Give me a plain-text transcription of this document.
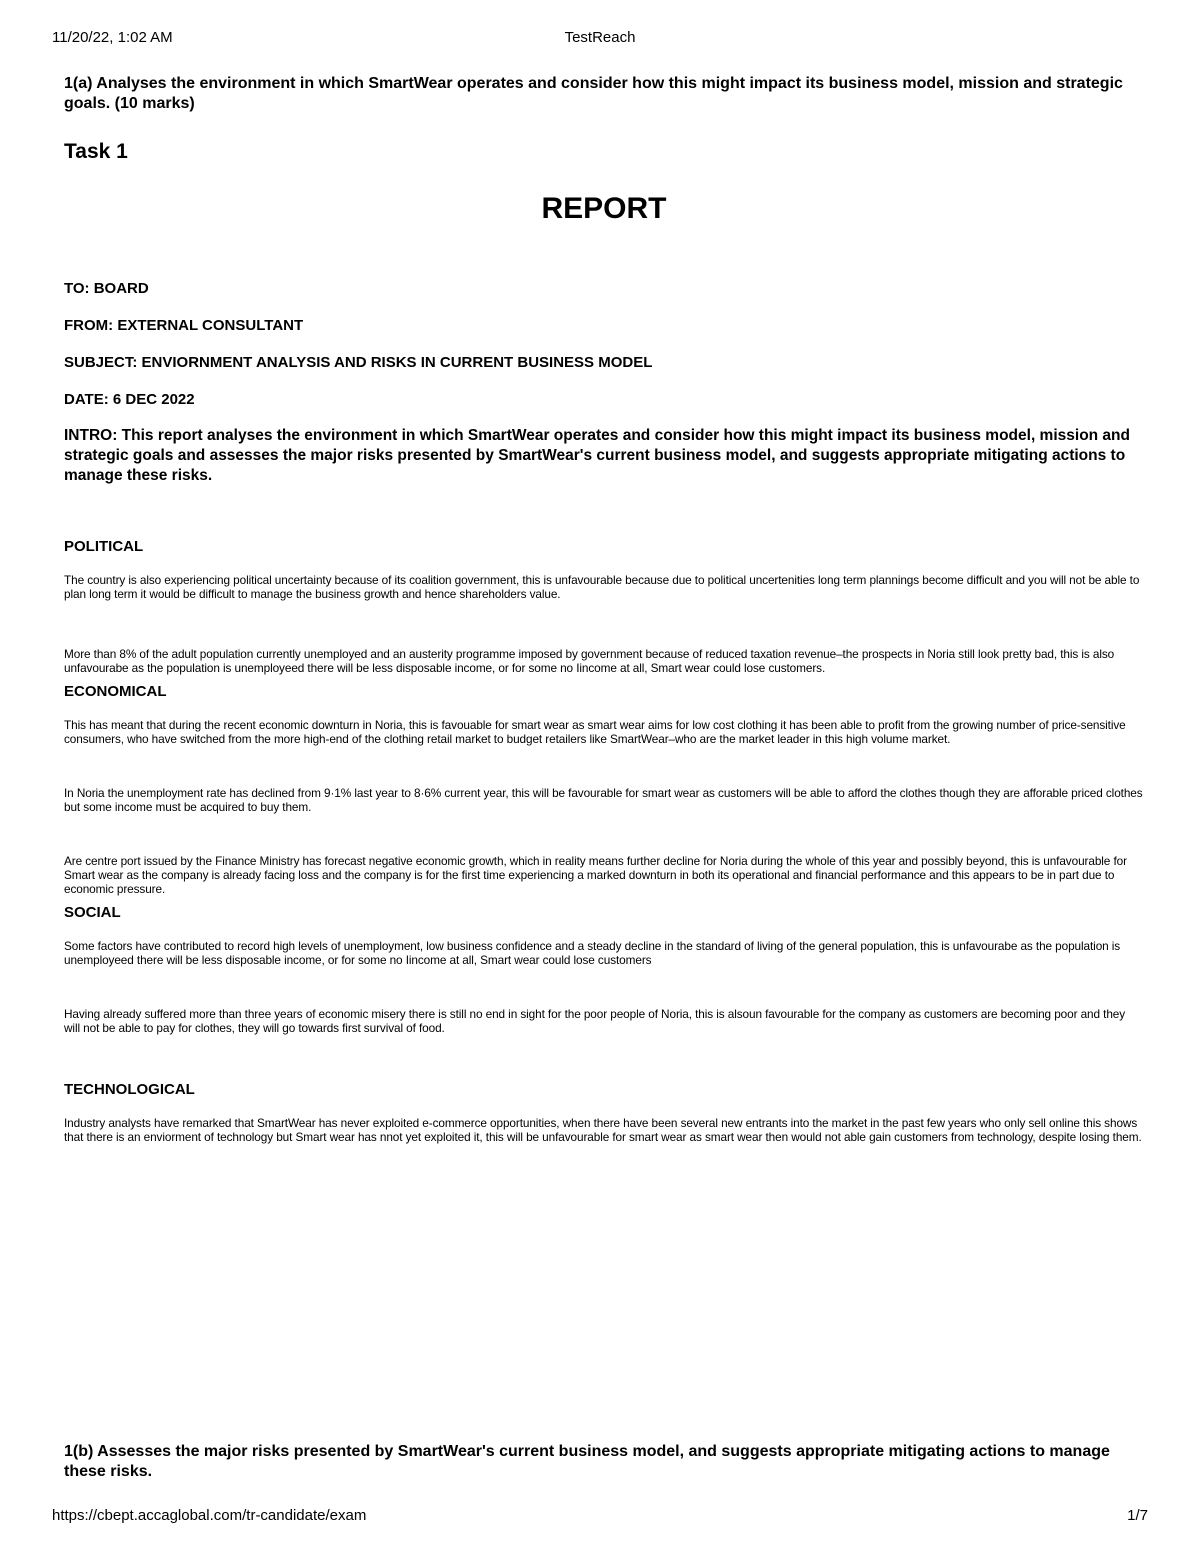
11/20/22, 1:02 AM	TestReach

1(a) Analyses the environment in which SmartWear operates and consider how this might impact its business model, mission and strategic goals. (10 marks)

Task 1
REPORT

TO: BOARD

FROM: EXTERNAL CONSULTANT

SUBJECT: ENVIORNMENT ANALYSIS AND RISKS IN CURRENT BUSINESS MODEL

DATE: 6 DEC 2022

INTRO: This report analyses the environment in which SmartWear operates and consider how this might impact its business model, mission and strategic goals and assesses the major risks presented by SmartWear's current business model, and suggests appropriate mitigating actions to manage these risks.

POLITICAL

The country is also experiencing political uncertainty because of its coalition government, this is unfavourable because due to political uncertenities long term plannings become difficult and you will not be able to plan long term it would be difficult to manage the business growth and hence shareholders value.

More than 8% of the adult population currently unemployed and an austerity programme imposed by government because of reduced taxation revenue–the prospects in Noria still look pretty bad, this is also unfavourabe as the population is unemployeed there will be less disposable income, or for some no Iincome at all, Smart wear could lose customers.

ECONOMICAL

This has meant that during the recent economic downturn in Noria, this is favouable for smart wear as smart wear aims for low cost clothing it has been able to profit from the growing number of price-sensitive consumers, who have switched from the more high-end of the clothing retail market to budget retailers like SmartWear–who are the market leader in this high volume market.

In Noria the unemployment rate has declined from 9·1% last year to 8·6% current year, this will be favourable for smart wear as customers will be able to afford the clothes though they are afforable priced clothes but some income must be acquired to buy them.

Are centre port issued by the Finance Ministry has forecast negative economic growth, which in reality means further decline for Noria during the whole of this year and possibly beyond, this is unfavourable for Smart wear as the company is already facing loss and the company is for the first time experiencing a marked downturn in both its operational and financial performance and this appears to be in part due to economic pressure.

SOCIAL

Some factors have contributed to record high levels of unemployment, low business confidence and a steady decline in the standard of living of the general population, this is unfavourabe as the population is unemployeed there will be less disposable income, or for some no Iincome at all, Smart wear could lose customers

Having already suffered more than three years of economic misery there is still no end in sight for the poor people of Noria, this is alsoun favourable for the company as customers are becoming poor and they will not be able to pay for clothes, they will go towards first survival of food.

TECHNOLOGICAL

Industry analysts have remarked that SmartWear has never exploited e-commerce opportunities, when there have been several new entrants into the market in the past few years who only sell online this shows that there is an enviorment of technology but Smart wear has nnot yet exploited it, this will be unfavourable for smart wear as smart wear then would not able gain customers from technology, despite losing them.

1(b) Assesses the major risks presented by SmartWear's current business model, and suggests appropriate mitigating actions to manage these risks.

https://cbept.accaglobal.com/tr-candidate/exam	1/7
